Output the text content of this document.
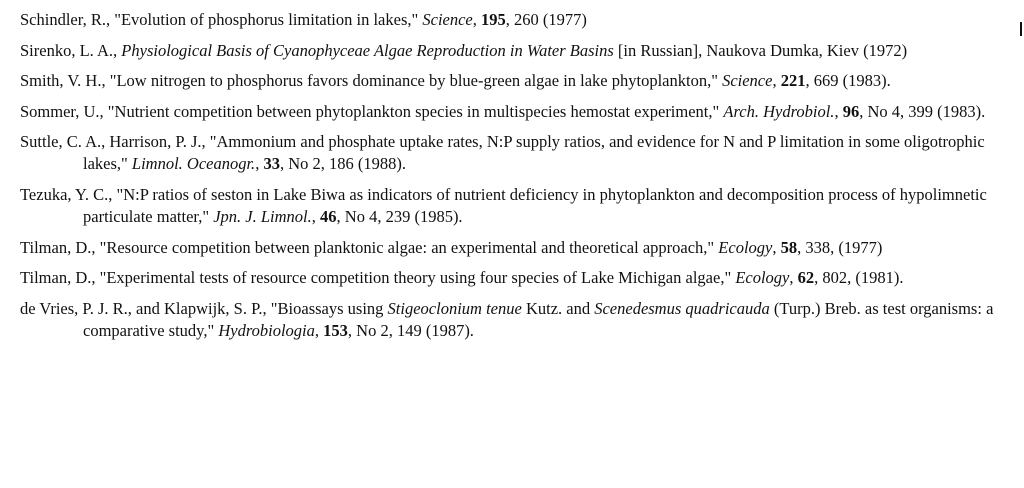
Schindler, R., "Evolution of phosphorus limitation in lakes," Science, 195, 260 (1977)
Sirenko, L. A., Physiological Basis of Cyanophyceae Algae Reproduction in Water Basins [in Russian], Naukova Dumka, Kiev (1972)
Smith, V. H., "Low nitrogen to phosphorus favors dominance by blue-green algae in lake phytoplankton," Science, 221, 669 (1983).
Sommer, U., "Nutrient competition between phytoplankton species in multispecies hemostat experiment," Arch. Hydrobiol., 96, No 4, 399 (1983).
Suttle, C. A., Harrison, P. J., "Ammonium and phosphate uptake rates, N:P supply ratios, and evidence for N and P limitation in some oligotrophic lakes," Limnol. Oceanogr., 33, No 2, 186 (1988).
Tezuka, Y. C., "N:P ratios of seston in Lake Biwa as indicators of nutrient deficiency in phytoplankton and decomposition process of hypolimnetic particulate matter," Jpn. J. Limnol., 46, No 4, 239 (1985).
Tilman, D., "Resource competition between planktonic algae: an experimental and theoretical approach," Ecology, 58, 338, (1977)
Tilman, D., "Experimental tests of resource competition theory using four species of Lake Michigan algae," Ecology, 62, 802, (1981).
de Vries, P. J. R., and Klapwijk, S. P., "Bioassays using Stigeoclonium tenue Kutz. and Scenedesmus quadricauda (Turp.) Breb. as test organisms: a comparative study," Hydrobiologia, 153, No 2, 149 (1987).
